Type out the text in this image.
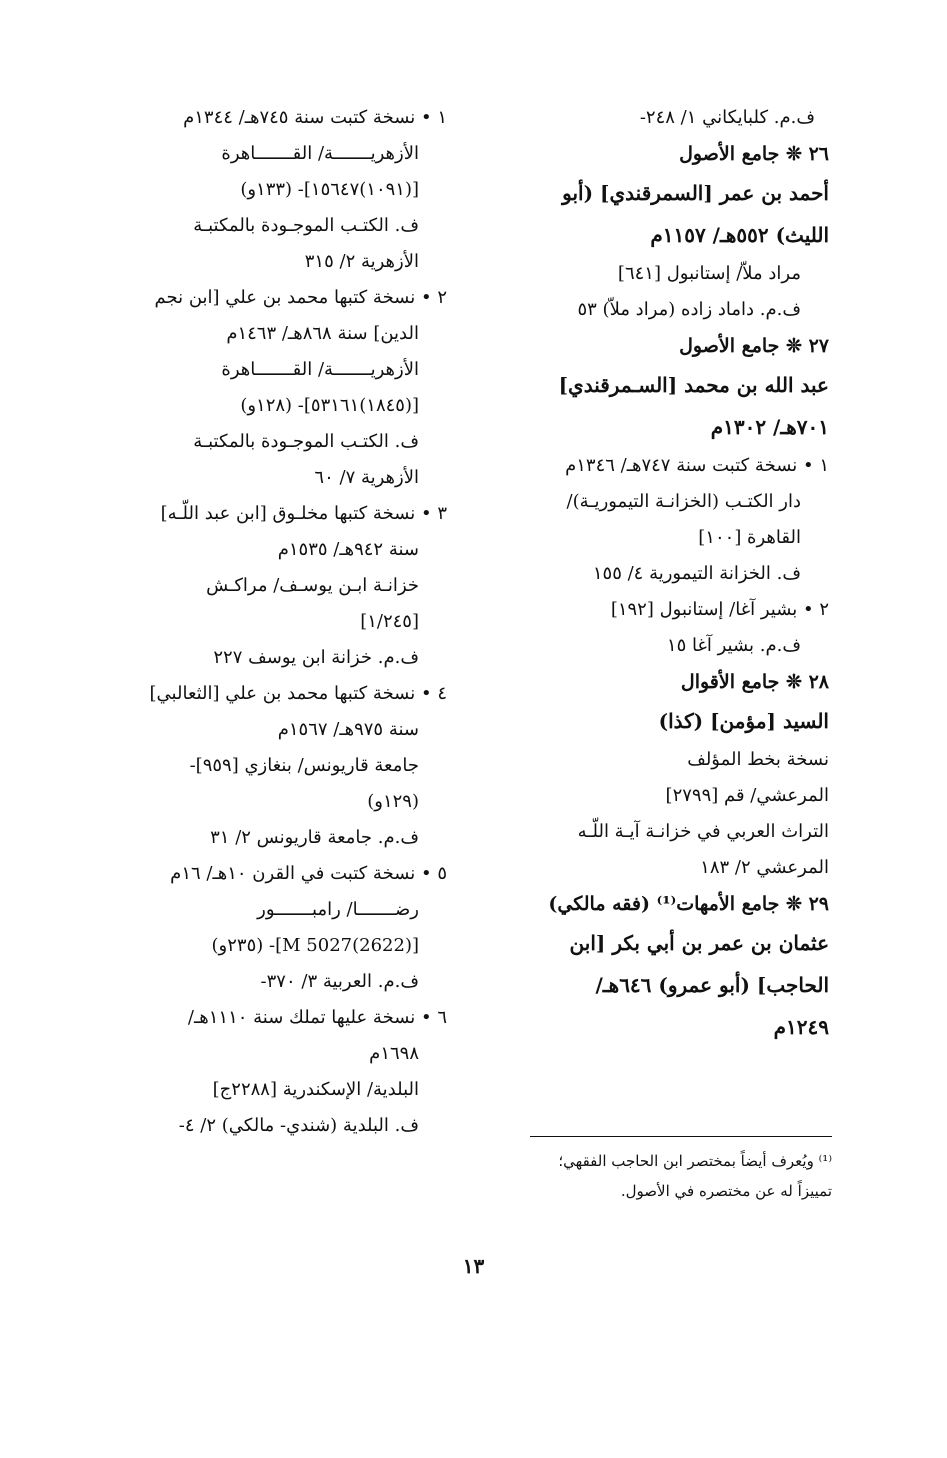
ف.م. كلبايكاني ١/ ٢٤٨-
٢٦ ❊ جامع الأصول
أحمد بن عمر [السمرقندي] (أبو
الليث) ٥٥٢هـ/ ١١٥٧م
مراد ملاّ/ إستانبول [٦٤١]
ف.م. داماد زاده (مراد ملاّ) ٥٣
٢٧ ❊ جامع الأصول
عبد الله بن محمد [السـمرقندي]
٧٠١هـ/ ١٣٠٢م
١ • نسخة كتبت سنة ٧٤٧هـ/ ١٣٤٦م
دار الكتـب (الخزانـة التيموريـة)/
القاهرة [١٠٠]
ف. الخزانة التيمورية ٤/ ١٥٥
٢ • بشير آغا/ إستانبول [١٩٢]
ف.م. بشير آغا ١٥
٢٨ ❊ جامع الأقوال
السيد [مؤمن] (كذا)
نسخة بخط المؤلف
المرعشي/ قم [٢٧٩٩]
التراث العربي في خزانـة آيـة اللّـه
المرعشي ٢/ ١٨٣
٢٩ ❊ جامع الأمهات⁽¹⁾ (فقه مالكي)
عثمان بن عمر بن أبي بكر [ابن
الحاجب] (أبو عمرو) ٦٤٦هـ/
١٢٤٩م
١ • نسخة كتبت سنة ٧٤٥هـ/ ١٣٤٤م
الأزهريـــــــة/ القـــــــاهرة
[(١٠٩١)١٥٦٤٧]- (١٣٣و)
ف. الكتـب الموجـودة بالمكتبـة
الأزهرية ٢/ ٣١٥
٢ • نسخة كتبها محمد بن علي [ابن نجم
الدين] سنة ٨٦٨هـ/ ١٤٦٣م
الأزهريـــــــة/ القـــــــاهرة
[(١٨٤٥)٥٣١٦١]- (١٢٨و)
ف. الكتـب الموجـودة بالمكتبـة
الأزهرية ٧/ ٦٠
٣ • نسخة كتبها مخلـوق [ابن عبد اللّـه]
سنة ٩٤٢هـ/ ١٥٣٥م
خزانـة ابـن يوسـف/ مراكـش
[١/٢٤٥]
ف.م. خزانة ابن يوسف ٢٢٧
٤ • نسخة كتبها محمد بن علي [الثعالبي]
سنة ٩٧٥هـ/ ١٥٦٧م
جامعة قاريونس/ بنغازي [٩٥٩]-
(١٢٩و)
ف.م. جامعة قاريونس ٢/ ٣١
٥ • نسخة كتبت في القرن ١٠هـ/ ١٦م
رضـــــــا/ رامبـــــــور
[(2622)5027 M]- (٢٣٥و)
ف.م. العربية ٣/ ٣٧٠-
٦ • نسخة عليها تملك سنة ١١١٠هـ/
١٦٩٨م
البلدية/ الإسكندرية [٢٢٨٨ج]
ف. البلدية (شندي- مالكي) ٢/ ٤-
⁽¹⁾ ويُعرف أيضاً بمختصر ابن الحاجب الفقهي؛
تمييزاً له عن مختصره في الأصول.
١٣
